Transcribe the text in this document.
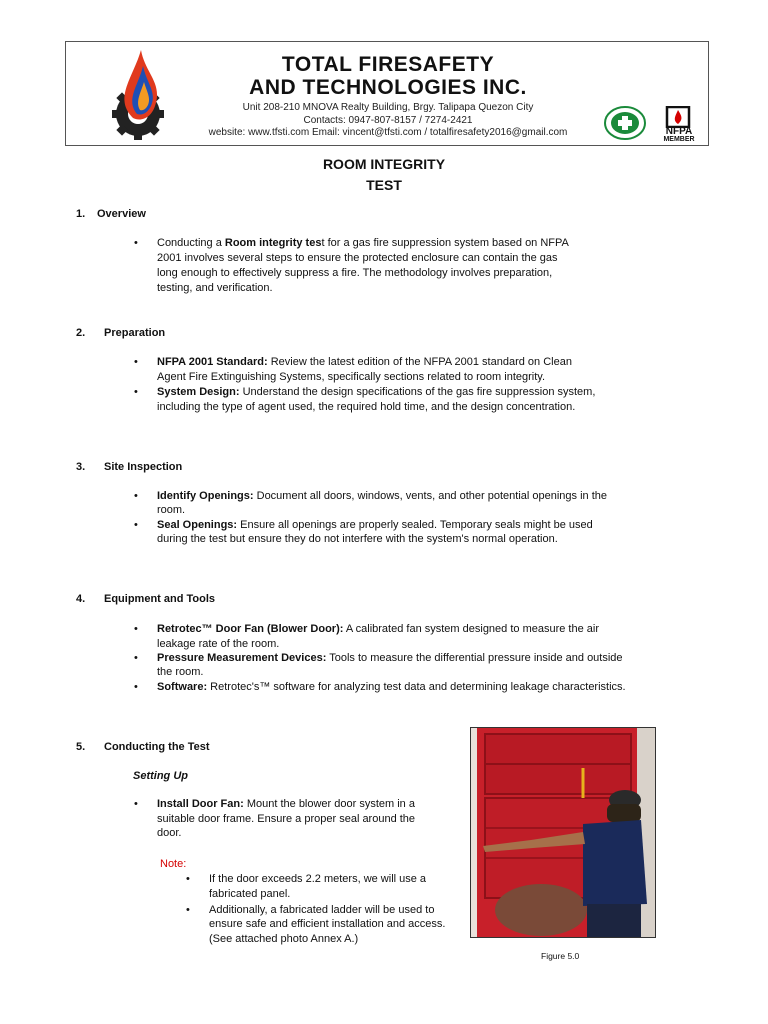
TOTAL FIRESAFETY
AND TECHNOLOGIES INC.
Unit 208-210 MNOVA Realty Building, Brgy. Talipapa Quezon City
Contacts: 0947-807-8157 / 7274-2421
website: www.tfsti.com Email: vincent@tfsti.com / totalfiresafety2016@gmail.com	NFPA
MEMBER
ROOM INTEGRITY
TEST
1. Overview
• Conducting a Room integrity test for a gas fire suppression system based on NFPA
2001 involves several steps to ensure the protected enclosure can contain the gas
long enough to effectively suppress a fire. The methodology involves preparation,
testing, and verification.
2. Preparation
• NFPA 2001 Standard: Review the latest edition of the NFPA 2001 standard on Clean
Agent Fire Extinguishing Systems, specifically sections related to room integrity.
• System Design: Understand the design specifications of the gas fire suppression system,
including the type of agent used, the required hold time, and the design concentration.
3. Site Inspection
• Identify Openings: Document all doors, windows, vents, and other potential openings in the
room.
• Seal Openings: Ensure all openings are properly sealed. Temporary seals might be used
during the test but ensure they do not interfere with the system's normal operation.
4. Equipment and Tools
• Retrotec™ Door Fan (Blower Door): A calibrated fan system designed to measure the air
leakage rate of the room.
• Pressure Measurement Devices: Tools to measure the differential pressure inside and outside
the room.
• Software: Retrotec's™ software for analyzing test data and determining leakage characteristics.
5. Conducting the Test
Setting Up
• Install Door Fan: Mount the blower door system in a
suitable door frame. Ensure a proper seal around the
door.
Note:
• If the door exceeds 2.2 meters, we will use a
fabricated panel.
• Additionally, a fabricated ladder will be used to
ensure safe and efficient installation and access.
(See attached photo Annex A.)
Figure 5.0
